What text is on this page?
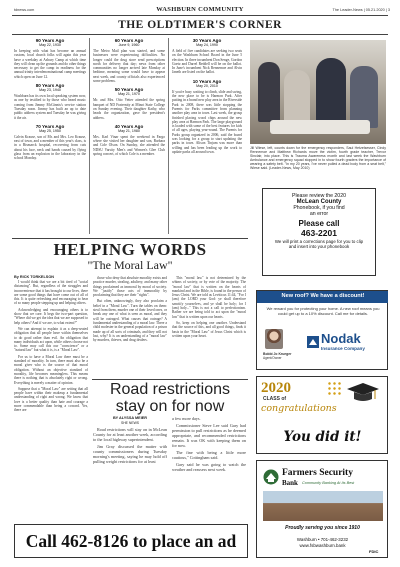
tdnews.com	WASHBURN COMMUNITY	The Leader-News | 05.21.2020 | 3
THE OLDTIMER'S CORNER
90 Years Ago
May 22, 1930

In keeping with what has become an annual custom, local church folks will again this year have a weekday at Asbury Camp at which time they will clean up the grounds and do other things necessary to get the camp in readiness for the annual trinity interdenominational camp meetings which open on June 12.

80 Years Ago
May 23, 1940

Washburn has its own local speaking system now, as one by testified to by those who heard music coming from Jimmy McGinnis's service station Tuesday noon. Jimmy has built an up to date public address system and Tuesday he was giving it the air.

70 Years Ago
May 25, 1950

Calvin Krause, son of Mr. and Mrs. Leo Krause, east of town, and a member of this year's class, is in a Bismarck hospital, recovering from cuts about his face, neck and hands caused by flying glass from an explosion in the laboratory in the school Monday.

60 Years Ago
June 9, 1960

The Metro Mail plan was started, and some businesses were experiencing difficulties. No longer could the drug store send prescriptions north for delivery that day; news from other communities no longer arrived late Monday at bedtime, meaning some would have to appear next week, and county officials also experienced some problems.

50 Years Ago
May 21, 1970

Mr. and Mrs. Otto Vetter attended the spring banquet of ND Fraternity at Minot State College on Sunday evening. Their daughter Kathy, who heads the organization, gave the president's address.

40 Years Ago
May 21, 1980

Mrs. Karl Vinar spent the weekend in Fargo where she visited her daughter and son, Barbara and Cole Olson. On Sunday, she attended the NDSU Varsity Men's and Women's Glee Club spring concert, of which Cole is a member.

30 Years Ago
May 24, 1990

A field of five candidates are seeking two seats on the Washburn School Board in the June 5 election. In three incumbent Don Senge, Gordon Goetz and Darrel Reddell will be on the ballot. In June's incumbent Nick Rennemoe and Alvin Janeth are listed on the ballot.

10 Years Ago
May 20, 2010

If you're busy waiting to climb, slide and swing, the new place to be is Harmon Park. After putting in a brand new play area in the Riverside Park in 2008, there was little stopping the Parents for Parks committee from planning another play area in town. Last week, the group finished placing wood chips around the new play area at Harmon Park. The large playground is loaded with some of the best features for kids of all ages, playing year-round. The Parents for Parks group organized in 2006, said the board was looking for a group to start updating the parks in town. Alison Tinjum was more than willing and has been leading up the work to update parks all around town.

Jill Wiese, left, counts down for the emergency responders, Saul Hetzelsesser, Cindy Rennemoe and Matthew Richards move the victim, fourth grade teacher, Trevor Sinclair, into place. This is Trauma Awareness month and last week the Washburn Ambulance and emergency squad stopped in to show fourth graders the importance of wearing a safety belt. "In my 20 years, I've never pulled a dead body from a seat belt," Wiese said. (Leader-News, May 2010)
Please review the 2020
McLean County
Phonebook, if you find
an error
Please call
463-2201
We will print a corrections page for you to clip and insert into your phonebook
HELPING WORDS
"The Moral Law"
By RICK TORKELSON

I would think that we are a bit tired of "social distancing". But, regardless of the struggles and inconvenience that it has brought to our lives, there are some good things that have come out of all of this. It is quite refreshing and encouraging to hear of so many people stepping up and helping others.

Acknowledging and encouraging others is to show that we care. It begs the two-part question, "Where did we get the idea that we are supposed to help others? And if we are, to what extent?"

We can attempt to explain it as a deep-seated obligation that all people have within themselves to do good rather than evil. An obligation that many individuals act upon, while others choose not to. Some may call this our "conscience" or a "natural law" but what it is, is a "Moral Law".

For us to have a Moral Law there must be a standard of morality. In turn, there must also be a moral giver who is the source of that moral obligation. Without an objective standard of morality, life becomes meaningless. This means there is nothing that is absolutely right or wrong. Everything is merely a matter of opinion.

Suppose that a "Moral Law" are setting that all people have within their makeup a fundamental understanding of right and wrong. We know that love is a better quality than hate and courage a more commendable than being a coward. Yes, there are

those who deny that absolute morality exists and practice murder, stealing, adultery, and many other things proclaimed as immoral by moral of society. We "justify" those acts of immorality by proclaiming that they are their "rights".

But often, unknowingly, they also proclaim a belief in a "Moral Law". Turn the tables on them: steal from them, murder one of their loved ones, or break any one of what is seen as moral, and they will be outraged. What causes that outrage? A fundamental understanding of a moral law. There a child molester in the general population of a prison made up of all sorts of criminals, and they will not last, why? It is an understanding of a "moral law" by murders, thieves, and drug dealers.

This "moral law" is not determined by the whims of society, or by vote of the majority. The "moral law" that is written on the hearts of mankind and in the Bible, is found in the person of Jesus Christ. We are told as Leviticus 11:44, "For I (am) the LORD your God: ye shall therefore sanctify yourselves, and ye shall be holy; for I (am) holy..." This is not a call to perfectionism. Rather we are being told to act upon the "moral law" that is written upon our hearts.

So, keep on helping one another. Understand that the source of this, and all good things, finds it basis in the "Moral Law" of Jesus Christ which is written upon your heart.

Road restrictions
stay on for now
BY ALYSSA MEIER
SHE NEWS

Road restrictions will stay on in McLean County for at least another week, according to the local highway superintendent.

Jim Gray discussed the matter with county commissioners during Tuesday morning's meeting, saying he may hold off pulling weight restrictions for at least

a few more days.

Commissioner Steve Lee said Gary had permission to pull restrictions as he deemed appropriate, and recommended restrictions remain. It was OK with keeping them on for now.

The fine with being a little more cautious," Cottingham said.

Gary said he was going to watch the weather and reassess next week.

Call 462-8126 to place an ad
New roof? We have a discount!
We reward you for protecting your home. A new roof means you could get up to a 10% discount. Call me for details.
Bobbi Jo Krueger
Agent/Owner
Nodak
Insurance Company
2020
CLASS of
congratulations
You did it!
Farmers Security
Bank	Community Banking At Its Best
Proudly serving you since 1910
Washburn • 701-462-3232
www.fsbwashburn.bank
FDIC
